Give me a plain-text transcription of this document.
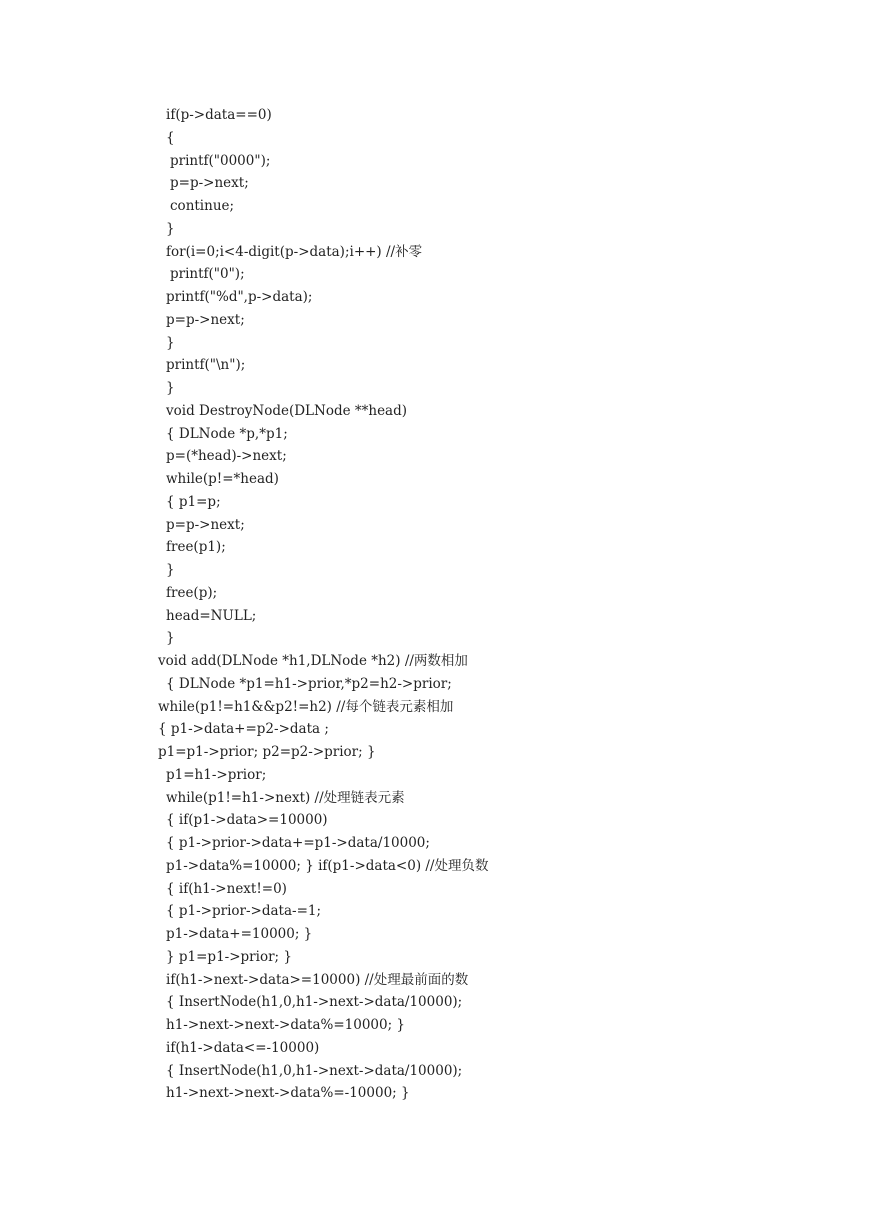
if(p->data==0)
{
printf("0000");
p=p->next;
continue;
}
for(i=0;i<4-digit(p->data);i++) //补零
printf("0");
printf("%d",p->data);
p=p->next;
}
printf("\n");
}
void DestroyNode(DLNode **head)
{ DLNode *p,*p1;
p=(*head)->next;
while(p!=*head)
{ p1=p;
p=p->next;
free(p1);
}
free(p);
head=NULL;
}
void add(DLNode *h1,DLNode *h2) //两数相加
{ DLNode *p1=h1->prior,*p2=h2->prior;
while(p1!=h1&&p2!=h2) //每个链表元素相加
{ p1->data+=p2->data ;
p1=p1->prior; p2=p2->prior; }
p1=h1->prior;
while(p1!=h1->next) //处理链表元素
{ if(p1->data>=10000)
{ p1->prior->data+=p1->data/10000;
p1->data%=10000; } if(p1->data<0) //处理负数
{ if(h1->next!=0)
{ p1->prior->data-=1;
p1->data+=10000; }
} p1=p1->prior; }
if(h1->next->data>=10000) //处理最前面的数
{ InsertNode(h1,0,h1->next->data/10000);
h1->next->next->data%=10000; }
if(h1->data<=-10000)
{ InsertNode(h1,0,h1->next->data/10000);
h1->next->next->data%=-10000; }
